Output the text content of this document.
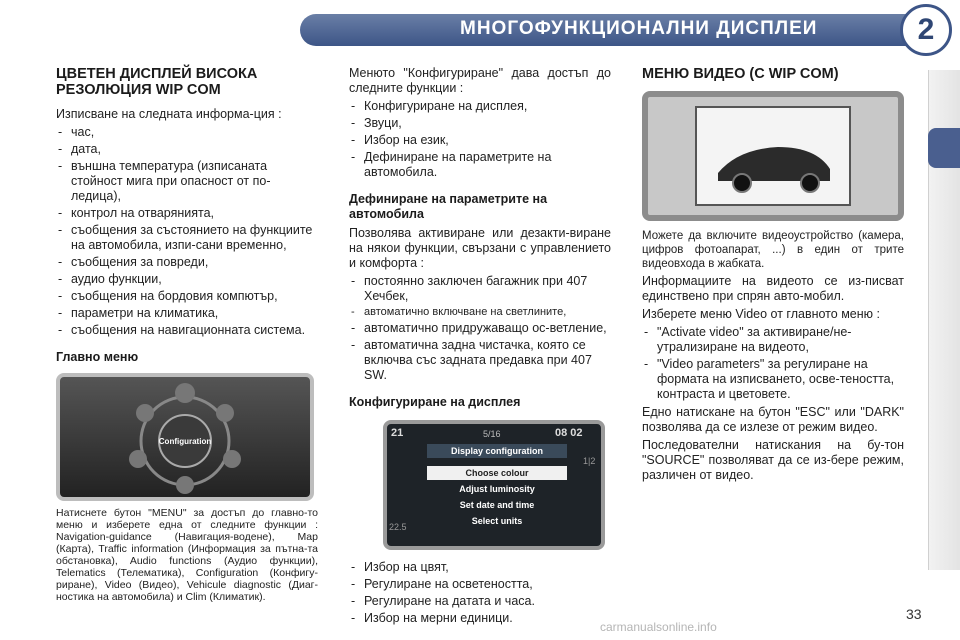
МНОГОФУНКЦИОНАЛНИ ДИСПЛЕИ	2
ЦВЕТЕН ДИСПЛЕЙ ВИСОКА РЕЗОЛЮЦИЯ WIP COM

Изписване на следната информа-ция :

- час,
- дата,
- външна температура (изписаната стойност мига при опасност от по-ледица),
- контрол на отварянията,
- съобщения за състоянието на функциите на автомобила, изпи-сани временно,
- съобщения за повреди,
- аудио функции,
- съобщения на бордовия компютър,
- параметри на климатика,
- съобщения на навигационната система.
Главно меню
Configuration

Натиснете бутон "MENU" за достъп до главно-то меню и изберете една от следните функции : Navigation-guidance (Навигация-водене), Map (Карта), Traffic information (Информация за пътна-та обстановка), Audio functions (Аудио функции), Telematics (Телематика), Configuration (Конфигу-риране), Video (Видео), Vehicule diagnostic (Диаг-ностика на автомобила) и Clim (Климатик).

Менюто "Конфигуриране" дава достъп до следните функции :

- Конфигуриране на дисплея,
- Звуци,
- Избор на език,
- Дефиниране на параметрите на автомобила.
Дефиниране на параметрите на автомобила

Позволява активиране или дезакти-виране на някои функции, свързани с управлението и комфорта :

- постоянно заключен багажник при 407 Хечбек,
- автоматично включване на светлините,
- автоматично придружаващо ос-ветление,
- автоматична задна чистачка, която се включва със задната предавка при 407 SW.
Конфигуриране на дисплея
21	5/16	08 02
22.5
1|2
Display configuration
Choose colour
Adjust luminosity
Set date and time
Select units
- Избор на цвят,
- Регулиране на осветеността,
- Регулиране на датата и часа.
- Избор на мерни единици.
МЕНЮ ВИДЕО (С WIP COM)

Можете да включите видеоустройство (камера, цифров фотоапарат, ...) в един от трите видеовхода в жабката.

Информациите на видеото се из-писват единствено при спрян авто-мобил.

Изберете меню Video от главното меню :

- "Activate video" за активиране/не-утрализиране на видеото,
- "Video parameters" за регулиране на формата на изписването, осве-теността, контраста и цветовете.

Едно натискане на бутон "ESC" или "DARK" позволява да се излезе от режим видео.

Последователни натискания на бу-тон "SOURCE" позволяват да се из-бере режим, различен от видео.

33
carmanualsonline.info
